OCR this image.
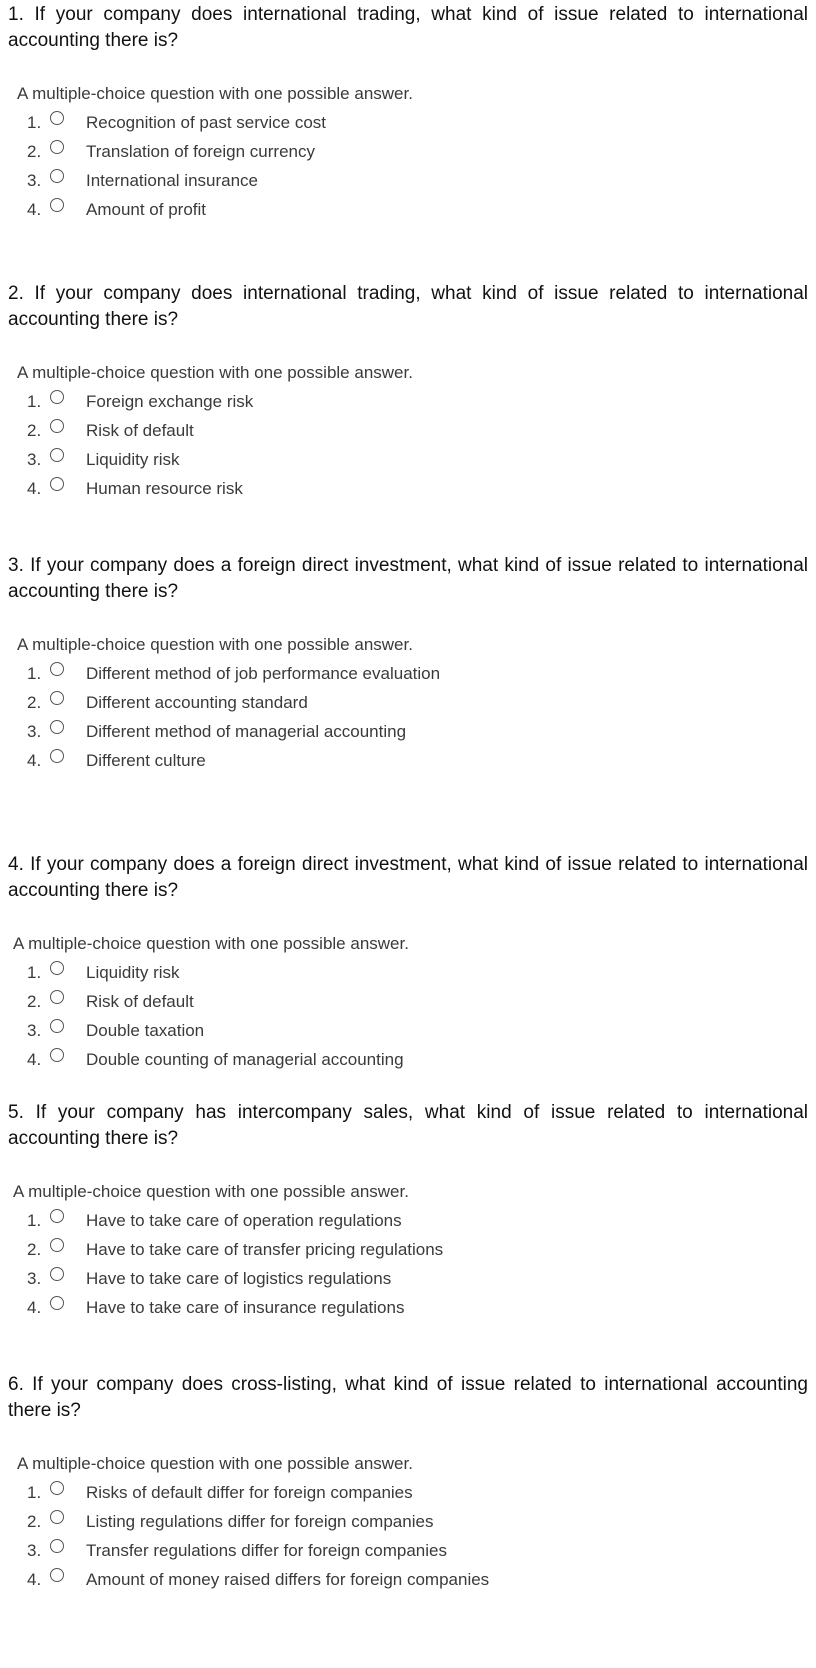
1. If your company does international trading, what kind of issue related to international accounting there is?

A multiple-choice question with one possible answer.

1.	Recognition of past service cost
2.	Translation of foreign currency
3.	International insurance
4.	Amount of profit

2. If your company does international trading, what kind of issue related to international accounting there is?

A multiple-choice question with one possible answer.

1.	Foreign exchange risk
2.	Risk of default
3.	Liquidity risk
4.	Human resource risk

3. If your company does a foreign direct investment, what kind of issue related to international accounting there is?

A multiple-choice question with one possible answer.

1.	Different method of job performance evaluation
2.	Different accounting standard
3.	Different method of managerial accounting
4.	Different culture

4. If your company does a foreign direct investment, what kind of issue related to international accounting there is?

A multiple-choice question with one possible answer.

1.	Liquidity risk
2.	Risk of default
3.	Double taxation
4.	Double counting of managerial accounting

5. If your company has intercompany sales, what kind of issue related to international accounting there is?

A multiple-choice question with one possible answer.

1.	Have to take care of operation regulations
2.	Have to take care of transfer pricing regulations
3.	Have to take care of logistics regulations
4.	Have to take care of insurance regulations

6. If your company does cross-listing, what kind of issue related to international accounting there is?

A multiple-choice question with one possible answer.

1.	Risks of default differ for foreign companies
2.	Listing regulations differ for foreign companies
3.	Transfer regulations differ for foreign companies
4.	Amount of money raised differs for foreign companies
